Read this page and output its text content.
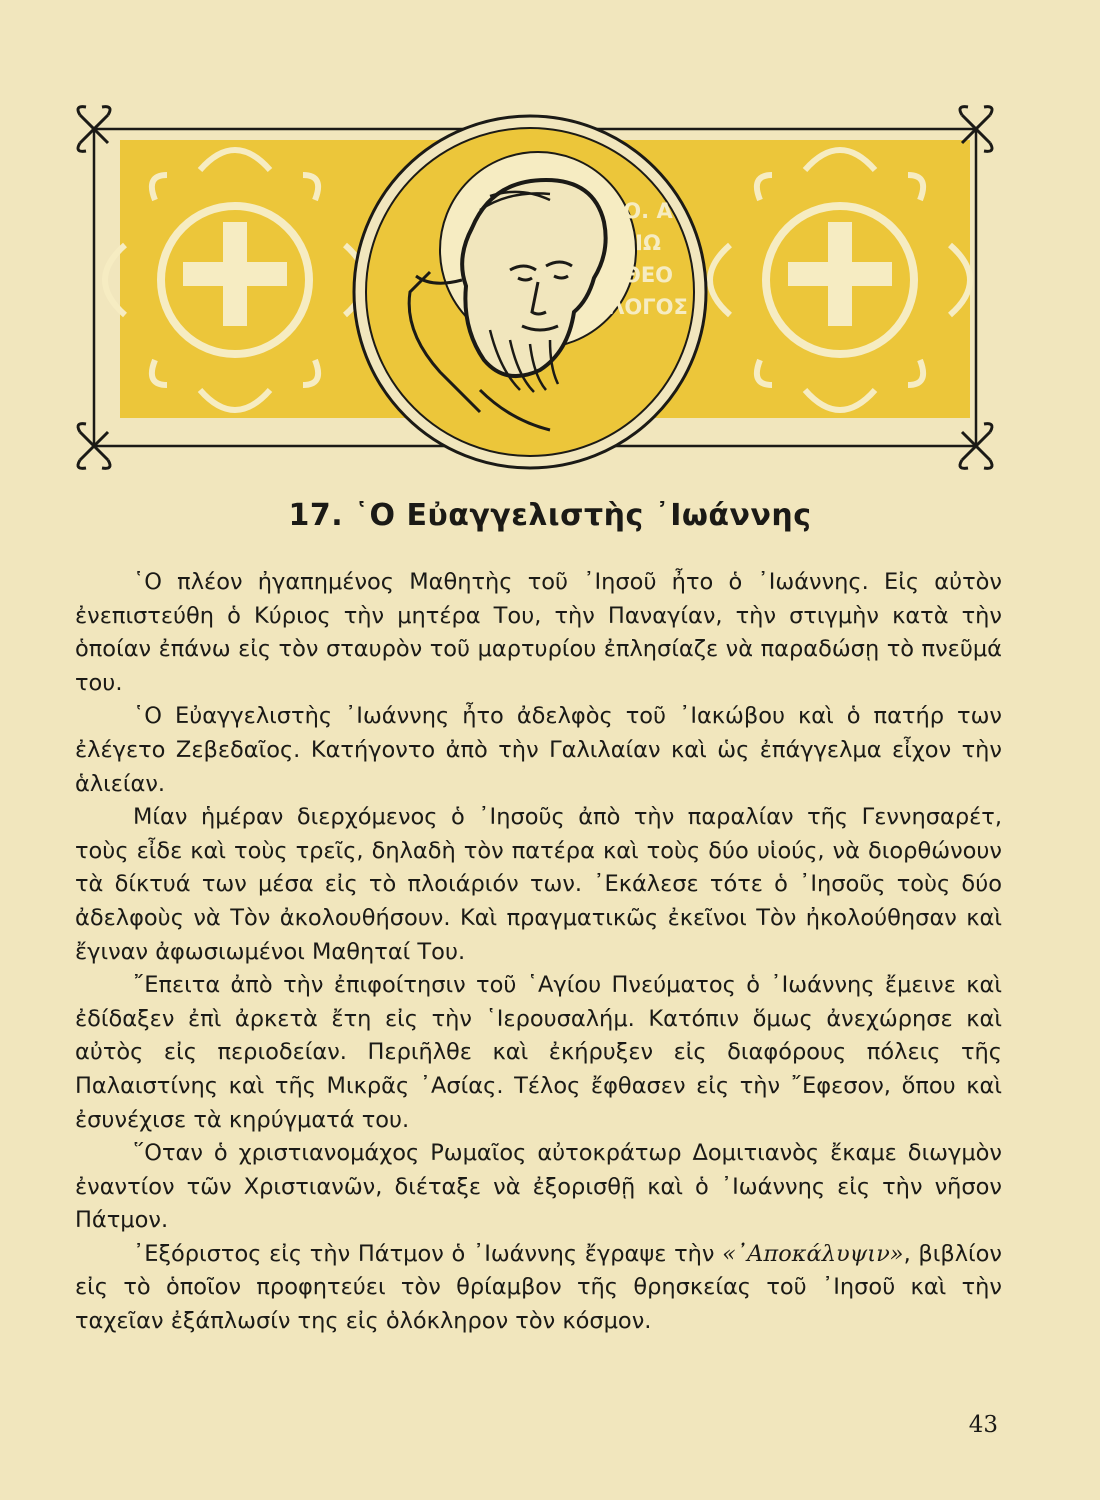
Ο. Α
ΙΩ
ΘΕΟ
ΛΟΓΟΣ
17. ῾Ο Εὐαγγελιστὴς ᾿Ιωάννης

῾Ο πλέον ἠγαπημένος Μαθητὴς τοῦ ᾿Ιησοῦ ἦτο ὁ ᾿Ιωάννης. Εἰς αὐτὸν ἐνεπιστεύθη ὁ Κύριος τὴν μητέρα Του, τὴν Παναγίαν, τὴν στιγμὴν κατὰ τὴν ὁποίαν ἐπάνω εἰς τὸν σταυρὸν τοῦ μαρτυρίου ἐπλησίαζε νὰ παραδώσῃ τὸ πνεῦμά του.

῾Ο Εὐαγγελιστὴς ᾿Ιωάννης ἦτο ἀδελφὸς τοῦ ᾿Ιακώβου καὶ ὁ πατήρ των ἐλέγετο Ζεβεδαῖος. Κατήγοντο ἀπὸ τὴν Γαλιλαίαν καὶ ὡς ἐπάγγελμα εἶχον τὴν ἁλιείαν.

Μίαν ἡμέραν διερχόμενος ὁ ᾿Ιησοῦς ἀπὸ τὴν παραλίαν τῆς Γεννησαρέτ, τοὺς εἶδε καὶ τοὺς τρεῖς, δηλαδὴ τὸν πατέρα καὶ τοὺς δύο υἱούς, νὰ διορθώνουν τὰ δίκτυά των μέσα εἰς τὸ πλοιάριόν των. ᾿Εκάλεσε τότε ὁ ᾿Ιησοῦς τοὺς δύο ἀδελφοὺς νὰ Τὸν ἀκολουθήσουν. Καὶ πραγματικῶς ἐκεῖνοι Τὸν ἠκολούθησαν καὶ ἔγιναν ἀφωσιωμένοι Μαθηταί Του.

῎Επειτα ἀπὸ τὴν ἐπιφοίτησιν τοῦ ῾Αγίου Πνεύματος ὁ ᾿Ιωάννης ἔμεινε καὶ ἐδίδαξεν ἐπὶ ἀρκετὰ ἔτη εἰς τὴν ῾Ιερουσαλήμ. Κατόπιν ὅμως ἀνεχώρησε καὶ αὐτὸς εἰς περιοδείαν. Περιῆλθε καὶ ἐκήρυξεν εἰς διαφόρους πόλεις τῆς Παλαιστίνης καὶ τῆς Μικρᾶς ᾿Ασίας. Τέλος ἔφθασεν εἰς τὴν ῎Εφεσον, ὅπου καὶ ἐσυνέχισε τὰ κηρύγματά του.

῞Οταν ὁ χριστιανομάχος Ρωμαῖος αὐτοκράτωρ Δομιτιανὸς ἔκαμε διωγμὸν ἐναντίον τῶν Χριστιανῶν, διέταξε νὰ ἐξορισθῇ καὶ ὁ ᾿Ιωάννης εἰς τὴν νῆσον Πάτμον.

᾿Εξόριστος εἰς τὴν Πάτμον ὁ ᾿Ιωάννης ἔγραψε τὴν «᾿Αποκάλυψιν», βιβλίον εἰς τὸ ὁποῖον προφητεύει τὸν θρίαμβον τῆς θρησκείας τοῦ ᾿Ιησοῦ καὶ τὴν ταχεῖαν ἐξάπλωσίν της εἰς ὁλόκληρον τὸν κόσμον.

43
